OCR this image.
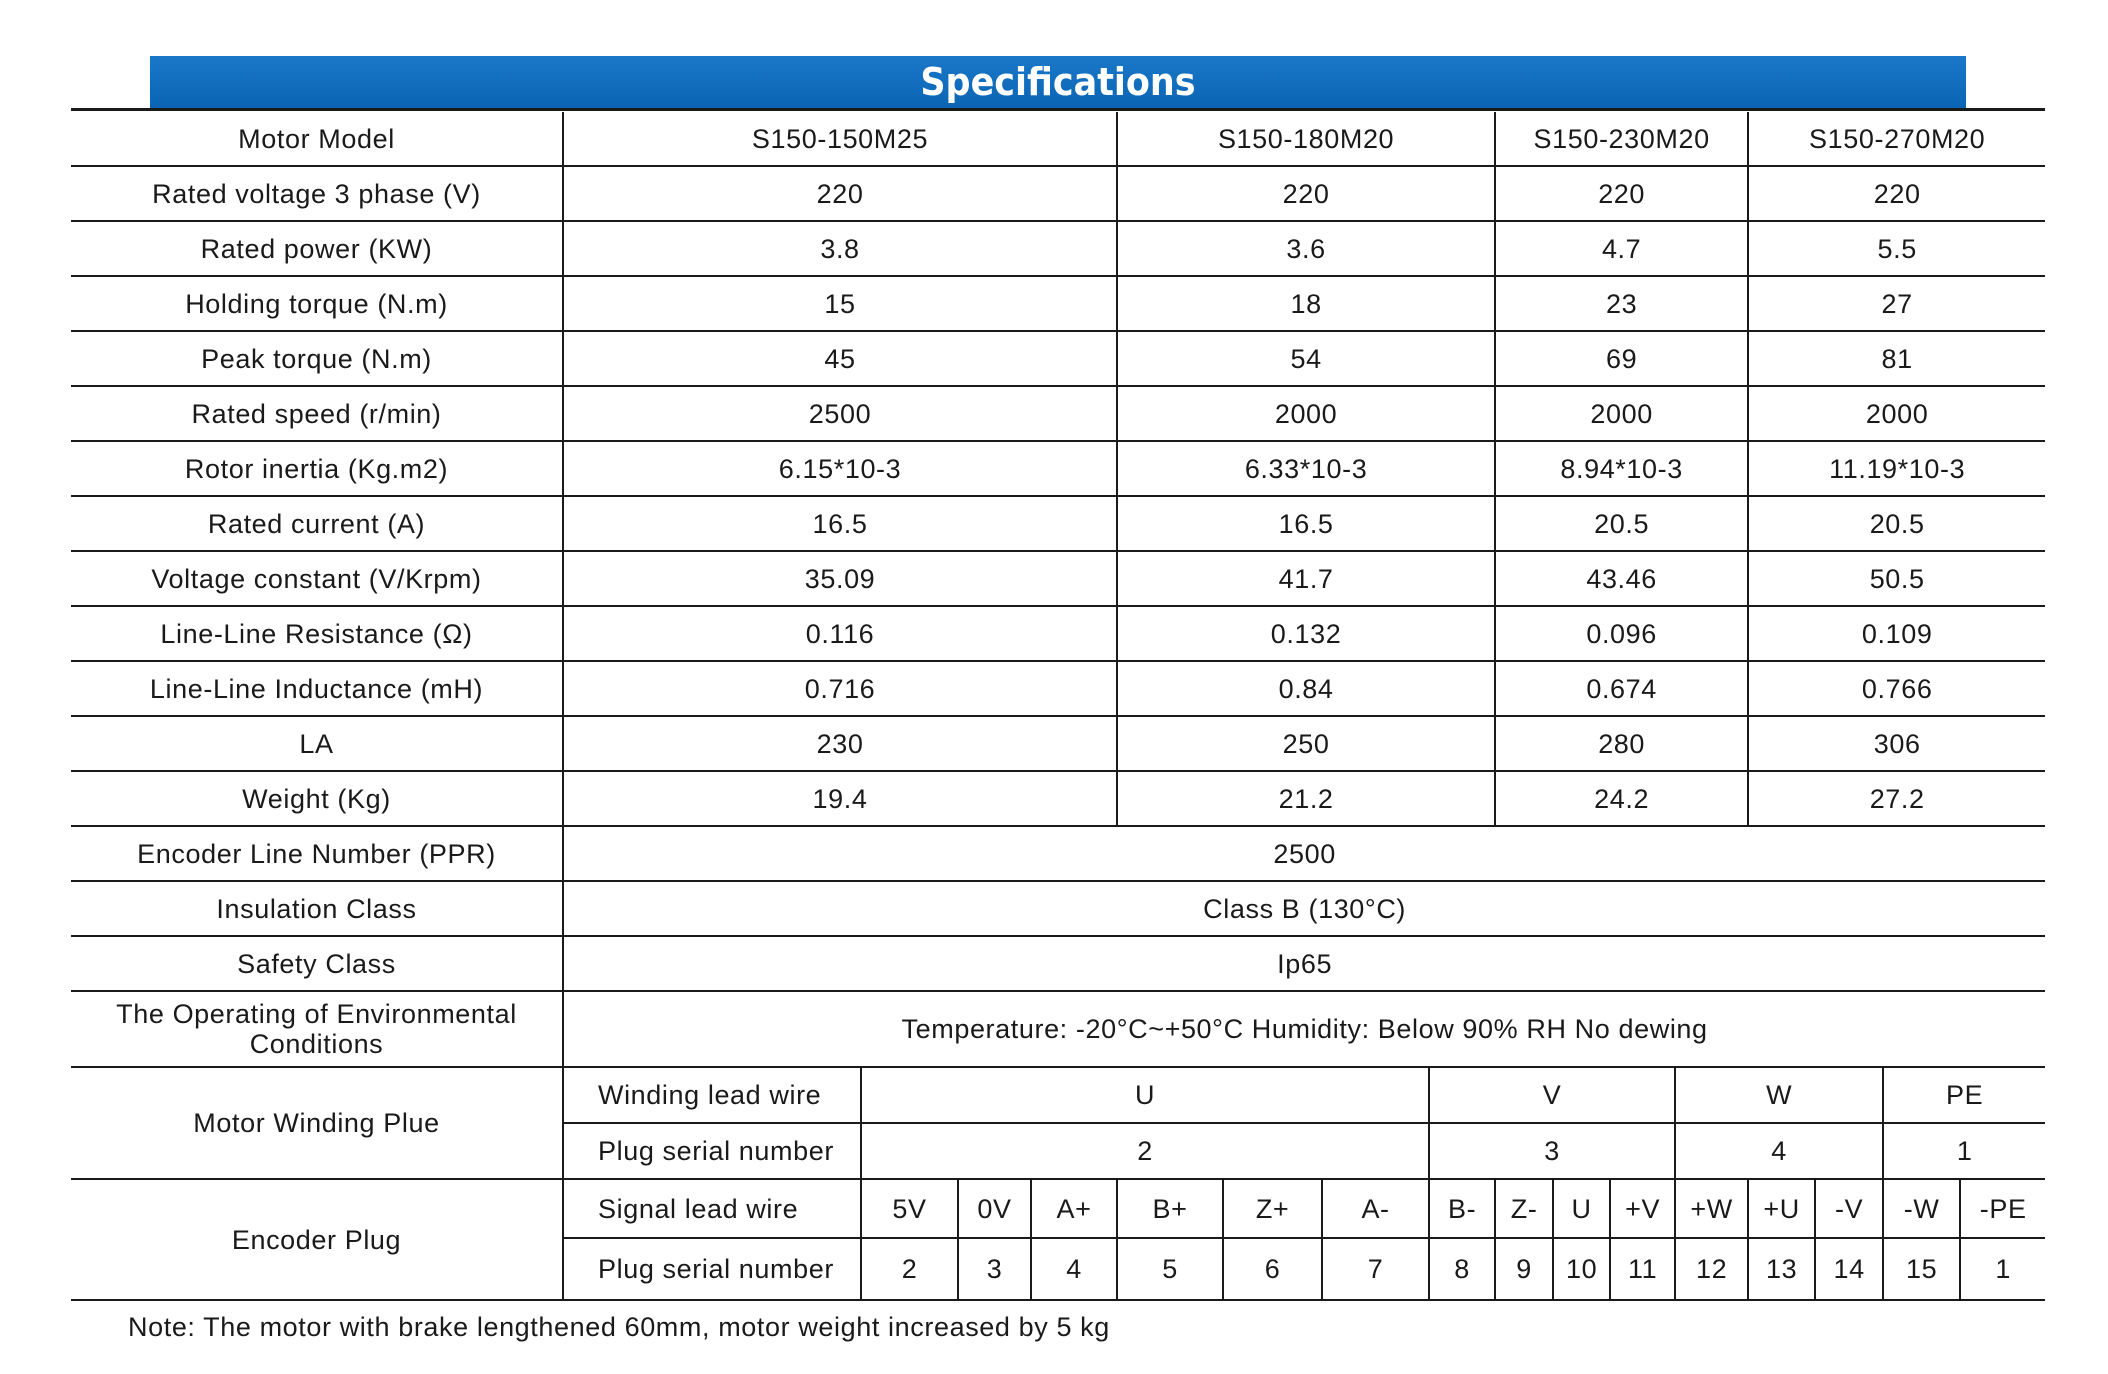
Specifications
Motor Model	S150-150M25				S150-180M20				S150-230M20				S150-270M20			
Rated voltage 3 phase (V)	220				220				220				220			
Rated power (KW)	3.8				3.6				4.7				5.5			
Holding torque (N.m)	15				18				23				27			
Peak torque (N.m)	45				54				69				81			
Rated speed (r/min)	2500				2000				2000				2000			
Rotor inertia (Kg.m2)	6.15*10-3				6.33*10-3				8.94*10-3				11.19*10-3			
Rated current (A)	16.5				16.5				20.5				20.5			
Voltage constant (V/Krpm)	35.09				41.7				43.46				50.5			
Line-Line Resistance (Ω)	0.116				0.132				0.096				0.109			
Line-Line Inductance (mH)	0.716				0.84				0.674				0.766			
LA	230				250				280				306			
Weight (Kg)	19.4				21.2				24.2				27.2			
Encoder Line Number (PPR)	2500															
Insulation Class	Class B (130°C)															
Safety Class	Ip65															
The Operating of Environmental Conditions	Temperature: -20°C~+50°C Humidity: Below 90% RH No dewing															
Motor Winding Plue	Winding lead wire	U						V				W			PE	
	Plug serial number	2						3				4			1	
Encoder Plug	Signal lead wire	5V	0V	A+	B+	Z+	A-	B-	Z-	U	+V	+W	+U	-V	-W	-PE
	Plug serial number	2	3	4	5	6	7	8	9	10	11	12	13	14	15	1
Note: The motor with brake lengthened 60mm, motor weight increased by 5 kg
